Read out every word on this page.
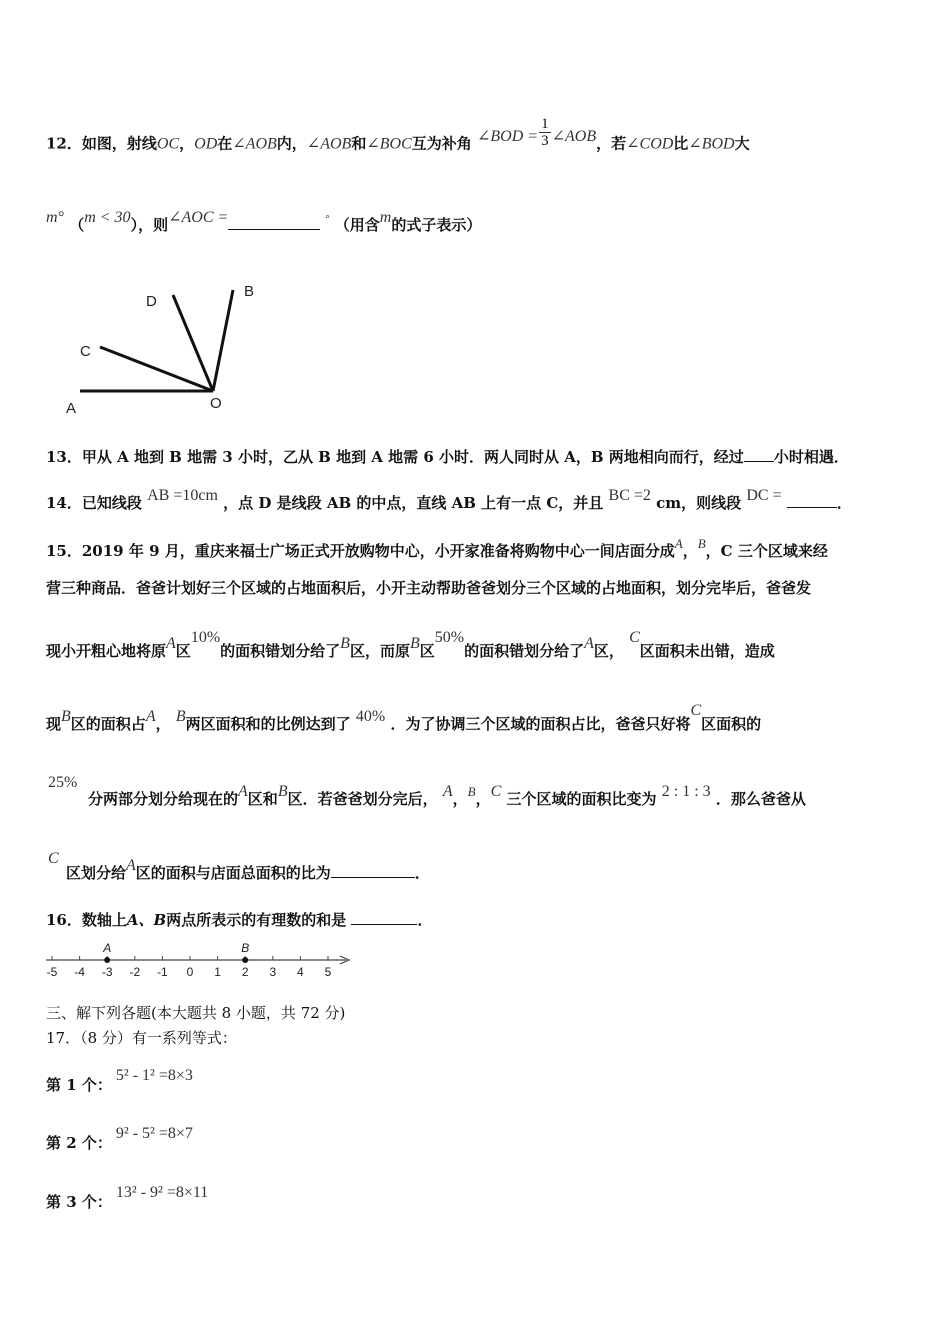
12．如图，射线OC，OD在∠AOB内，∠AOB和∠BOC互为补角 ∠BOD = $\frac{1}{3}$ ∠AOB，若∠COD比∠BOD大
m° （m < 30），则∠AOC =	° （用含m的式子表示）
A	O
C
D
B
13．甲从 A 地到 B 地需 3 小时，乙从 B 地到 A 地需 6 小时．两人同时从 A，B 两地相向而行，经过 小时相遇．
14．已知线段 AB =10cm ，点 D 是线段 AB 的中点，直线 AB 上有一点 C，并且 BC =2 cm，则线段 DC =	．
15．2019 年 9 月，重庆来福士广场正式开放购物中心，小开家准备将购物中心一间店面分成A，B，C 三个区域来经
营三种商品．爸爸计划好三个区域的占地面积后，小开主动帮助爸爸划分三个区域的占地面积，划分完毕后，爸爸发
现小开粗心地将原A区10%的面积错划分给了B区，而原B区50%的面积错划分给了A区， C区面积未出错，造成
现B区的面积占A， B两区面积和的比例达到了 40% ．为了协调三个区域的面积占比，爸爸只好将C区面积的
25%
分两部分划分给现在的A区和B区．若爸爸划分完后， A，B，C 三个区域的面积比变为 2 : 1 : 3 ．那么爸爸从
C
区划分给A区的面积与店面总面积的比为	．
16．数轴上A、B两点所表示的有理数的和是	．
-5 -4 -3 -2 -1 0 1 2 3 4 5
A	B
三、解下列各题(本大题共 8 小题，共 72 分)
17．（8 分）有一系列等式：
第 1 个：5² - 1² =8×3
第 2 个：9² - 5² =8×7
第 3 个：13² - 9² =8×11
